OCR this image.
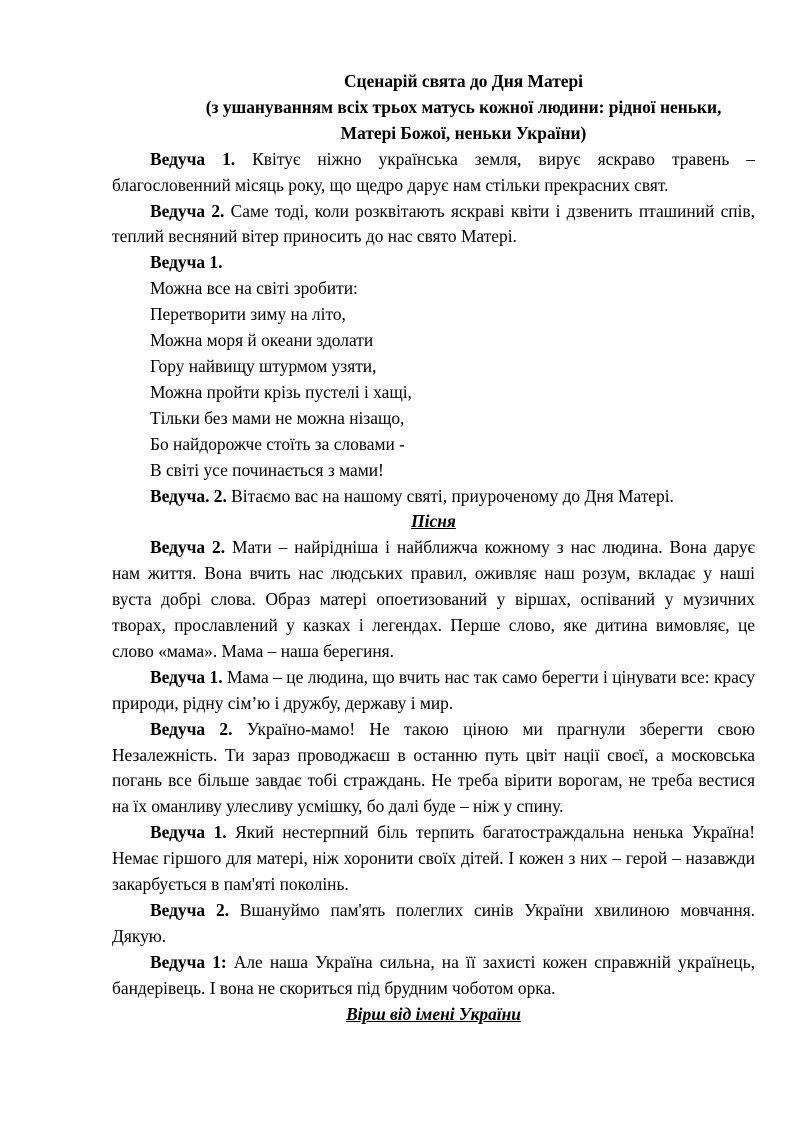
Сценарій свята до Дня Матері

(з ушануванням всіх трьох матусь кожної людини: рідної неньки,

Матері Божої, неньки України)

Ведуча 1. Квітує ніжно українська земля, вирує яскраво травень – благословенний місяць року, що щедро дарує нам стільки прекрасних свят.

Ведуча 2. Саме тоді, коли розквітають яскраві квіти і дзвенить пташиний спів, теплий весняний вітер приносить до нас свято Матері.

Ведуча 1.

Можна все на світі зробити:

Перетворити зиму на літо,

Можна моря й океани здолати

Гору найвищу штурмом узяти,

Можна пройти крізь пустелі і хащі,

Тільки без мами не можна нізащо,

Бо найдорожче стоїть за словами -

В світі усе починається з мами!

Ведуча. 2. Вітаємо вас на нашому святі, приуроченому до Дня Матері.

Пісня

Ведуча 2. Мати – найрідніша і найближча кожному з нас людина. Вона дарує нам життя. Вона вчить нас людських правил, оживляє наш розум, вкладає у наші вуста добрі слова. Образ матері опоетизований у віршах, оспіваний у музичних творах, прославлений у казках і легендах. Перше слово, яке дитина вимовляє, це слово «мама». Мама – наша берегиня.

Ведуча 1. Мама – це людина, що вчить нас так само берегти і цінувати все: красу природи, рідну сім’ю і дружбу, державу і мир.

Ведуча 2. Україно-мамо! Не такою ціною ми прагнули зберегти свою Незалежність. Ти зараз проводжаєш в останню путь цвіт нації своєї, а московська погань все більше завдає тобі страждань. Не треба вірити ворогам, не треба вестися на їх оманливу улесливу усмішку, бо далі буде – ніж у спину.

Ведуча 1. Який нестерпний біль терпить багатостраждальна ненька Україна! Немає гіршого для матері, ніж хоронити своїх дітей. І кожен з них – герой – назавжди закарбується в пам'яті поколінь.

Ведуча 2. Вшануймо пам'ять полеглих синів України хвилиною мовчання. Дякую.

Ведуча 1: Але наша Україна сильна, на її захисті кожен справжній українець, бандерівець. І вона не скориться під брудним чоботом орка.

Вірш від імені України
